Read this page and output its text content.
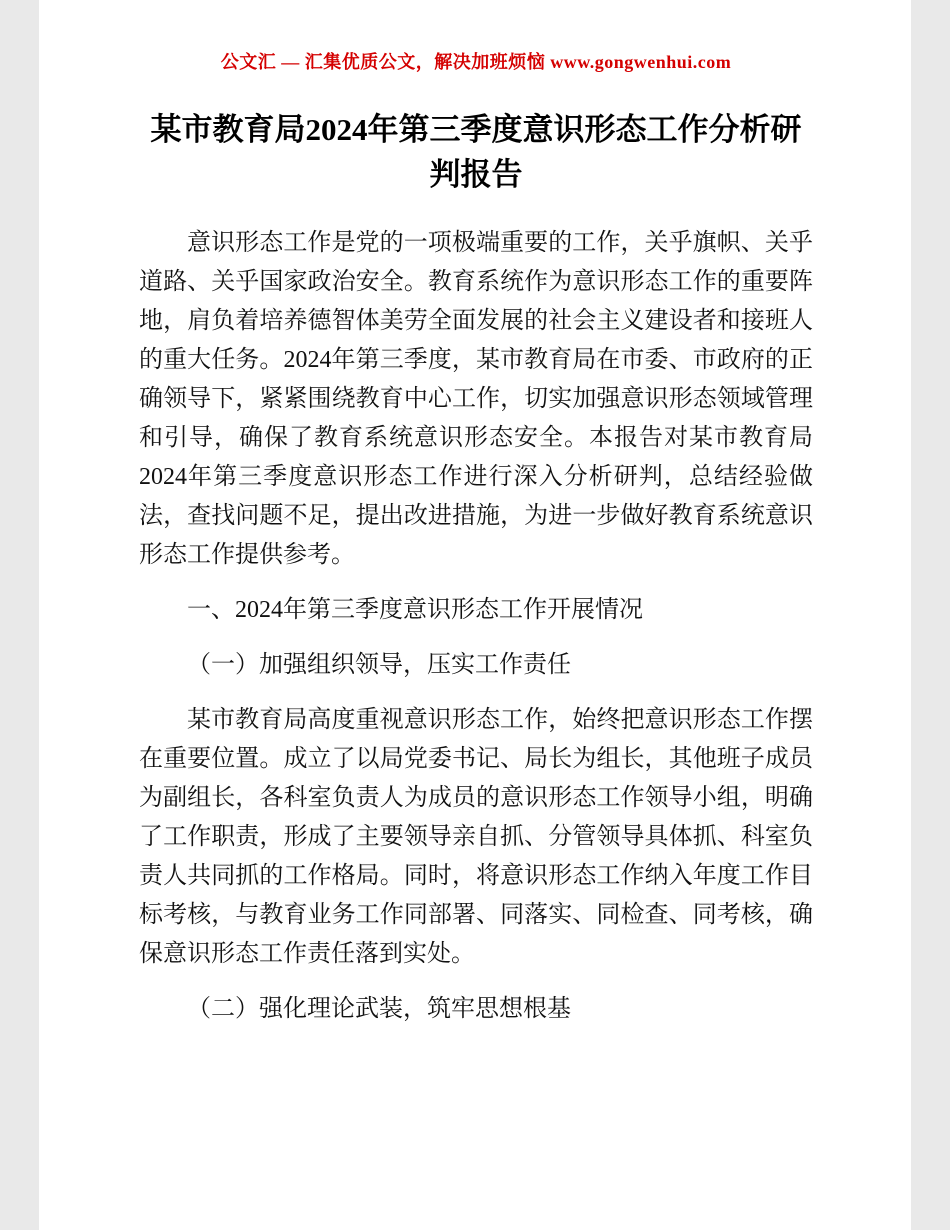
公文汇 — 汇集优质公文，解决加班烦恼 www.gongwenhui.com
某市教育局2024年第三季度意识形态工作分析研判报告

意识形态工作是党的一项极端重要的工作，关乎旗帜、关乎道路、关乎国家政治安全。教育系统作为意识形态工作的重要阵地，肩负着培养德智体美劳全面发展的社会主义建设者和接班人的重大任务。2024年第三季度，某市教育局在市委、市政府的正确领导下，紧紧围绕教育中心工作，切实加强意识形态领域管理和引导，确保了教育系统意识形态安全。本报告对某市教育局2024年第三季度意识形态工作进行深入分析研判，总结经验做法，查找问题不足，提出改进措施，为进一步做好教育系统意识形态工作提供参考。

一、2024年第三季度意识形态工作开展情况

（一）加强组织领导，压实工作责任

某市教育局高度重视意识形态工作，始终把意识形态工作摆在重要位置。成立了以局党委书记、局长为组长，其他班子成员为副组长，各科室负责人为成员的意识形态工作领导小组，明确了工作职责，形成了主要领导亲自抓、分管领导具体抓、科室负责人共同抓的工作格局。同时，将意识形态工作纳入年度工作目标考核，与教育业务工作同部署、同落实、同检查、同考核，确保意识形态工作责任落到实处。

（二）强化理论武装，筑牢思想根基
